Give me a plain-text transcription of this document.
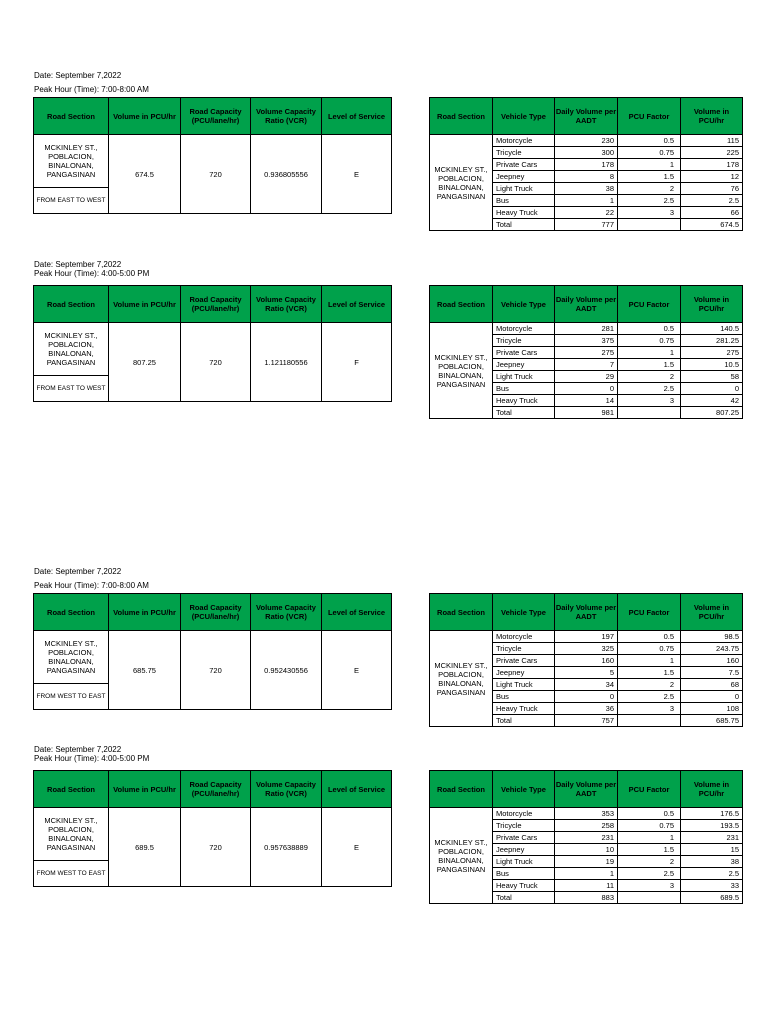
Date: September 7,2022
Peak Hour (Time): 7:00-8:00 AM
Road Section	Volume in PCU/hr	Road Capacity (PCU/lane/hr)	Volume Capacity Ratio (VCR)	Level of Service
MCKINLEY ST., POBLACION, BINALONAN, PANGASINAN	674.5	720	0.936805556	E
FROM EAST TO WEST				
Road Section	Vehicle Type	Daily Volume per AADT	PCU Factor	Volume in PCU/hr
MCKINLEY ST., POBLACION, BINALONAN, PANGASINAN	Motorcycle	230	0.5	115
	Tricycle	300	0.75	225
	Private Cars	178	1	178
	Jeepney	8	1.5	12
	Light Truck	38	2	76
	Bus	1	2.5	2.5
	Heavy Truck	22	3	66
	Total	777		674.5
Date: September 7,2022
Peak Hour (Time): 4:00-5:00 PM
Road Section	Volume in PCU/hr	Road Capacity (PCU/lane/hr)	Volume Capacity Ratio (VCR)	Level of Service
MCKINLEY ST., POBLACION, BINALONAN, PANGASINAN	807.25	720	1.121180556	F
FROM EAST TO WEST				
Road Section	Vehicle Type	Daily Volume per AADT	PCU Factor	Volume in PCU/hr
MCKINLEY ST., POBLACION, BINALONAN, PANGASINAN	Motorcycle	281	0.5	140.5
	Tricycle	375	0.75	281.25
	Private Cars	275	1	275
	Jeepney	7	1.5	10.5
	Light Truck	29	2	58
	Bus	0	2.5	0
	Heavy Truck	14	3	42
	Total	981		807.25
Date: September 7,2022
Peak Hour (Time): 7:00-8:00 AM
Road Section	Volume in PCU/hr	Road Capacity (PCU/lane/hr)	Volume Capacity Ratio (VCR)	Level of Service
MCKINLEY ST., POBLACION, BINALONAN, PANGASINAN	685.75	720	0.952430556	E
FROM WEST TO EAST				
Road Section	Vehicle Type	Daily Volume per AADT	PCU Factor	Volume in PCU/hr
MCKINLEY ST., POBLACION, BINALONAN, PANGASINAN	Motorcycle	197	0.5	98.5
	Tricycle	325	0.75	243.75
	Private Cars	160	1	160
	Jeepney	5	1.5	7.5
	Light Truck	34	2	68
	Bus	0	2.5	0
	Heavy Truck	36	3	108
	Total	757		685.75
Date: September 7,2022
Peak Hour (Time): 4:00-5:00 PM
Road Section	Volume in PCU/hr	Road Capacity (PCU/lane/hr)	Volume Capacity Ratio (VCR)	Level of Service
MCKINLEY ST., POBLACION, BINALONAN, PANGASINAN	689.5	720	0.957638889	E
FROM WEST TO EAST				
Road Section	Vehicle Type	Daily Volume per AADT	PCU Factor	Volume in PCU/hr
MCKINLEY ST., POBLACION, BINALONAN, PANGASINAN	Motorcycle	353	0.5	176.5
	Tricycle	258	0.75	193.5
	Private Cars	231	1	231
	Jeepney	10	1.5	15
	Light Truck	19	2	38
	Bus	1	2.5	2.5
	Heavy Truck	11	3	33
	Total	883		689.5
